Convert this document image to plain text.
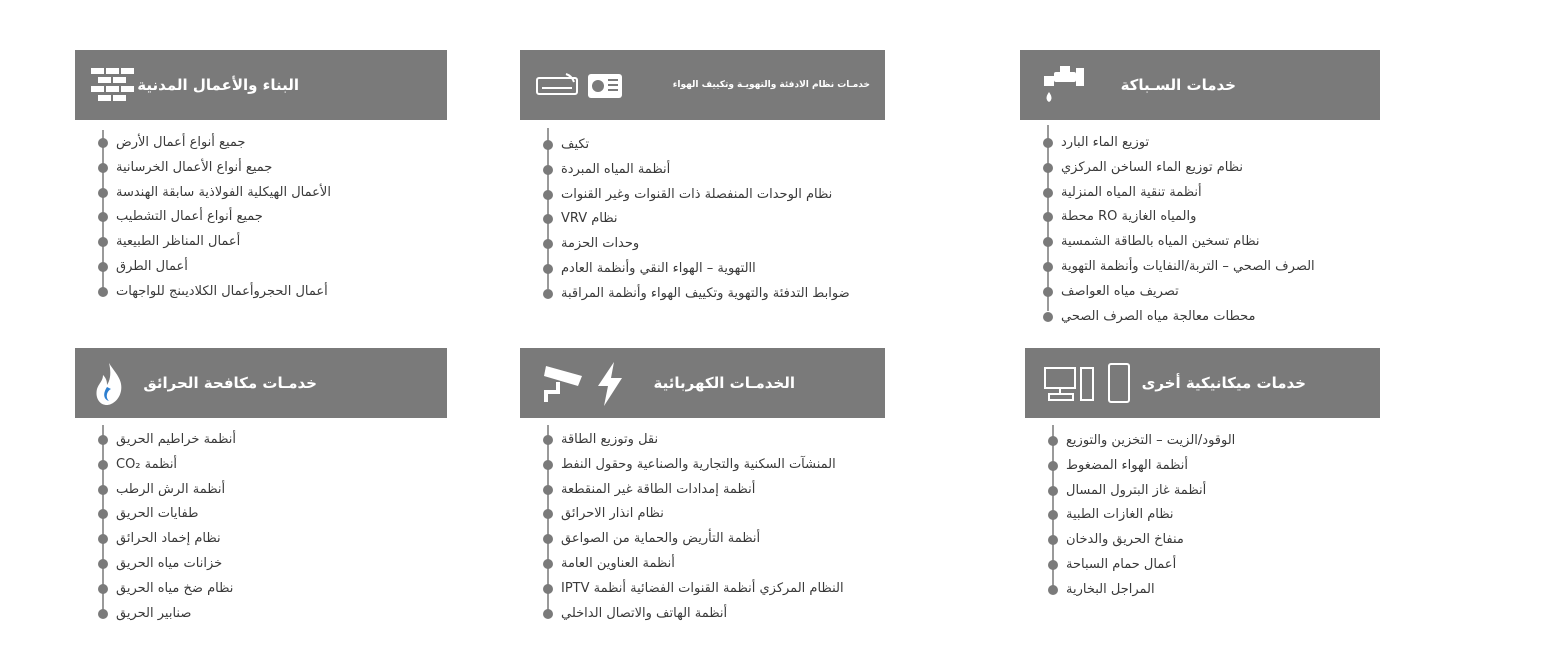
البناء والأعمال المدنية
جميع أنواع أعمال الأرض
جميع أنواع الأعمال الخرسانية
الأعمال الهيكلية الفولاذية سابقة الهندسة
جميع أنواع أعمال التشطيب
أعمال المناظر الطبيعية
أعمال الطرق
أعمال الحجروأعمال الكلاديىنج للواجهات
تكيف
أنظمة المياه المبردة
نظام الوحدات المنفصلة ذات القنوات وغير القنوات
نظام VRV
وحدات الحزمة
االتهوية – الهواء النقي وأنظمة العادم
ضوابط التدفئة والتهوية وتكييف الهواء وأنظمة المراقبة
توزيع الماء البارد
نظام توزيع الماء الساخن المركزي
أنظمة تنقية المياه المنزلية
والمياه الغازية RO محطة
نظام تسخين المياه بالطاقة الشمسية
الصرف الصحي – التربة/النفايات وأنظمة التهوية
تصريف مياه العواصف
محطات معالجة مياه الصرف الصحي
أنظمة خراطيم الحريق
أنظمة CO₂
أنظمة الرش الرطب
طفايات الحريق
نظام إخماد الحرائق
خزانات مياه الحريق
نظام ضخ مياه الحريق
صنابير الحريق
نقل وتوزيع الطاقة
المنشآت السكنية والتجارية والصناعية وحقول النفط
أنظمة إمدادات الطاقة غير المنقطعة
نظام انذار الاحرائق
أنظمة التأريض والحماية من الصواعق
أنظمة العناوين العامة
النظام المركزي أنظمة القنوات الفضائية أنظمة IPTV
أنظمة الهاتف والاتصال الداخلي
الوقود/الزيت – التخزين والتوزيع
أنظمة الهواء المضغوط
أنظمة غاز البترول المسال
نظام الغازات الطبية
منفاخ الحريق والدخان
أعمال حمام السباحة
المراجل البخارية
خدمـات نظام الادفئة والتهويـة وتكييف الهواء	خدمات السـباكة
خدمـات مكافحة الحرائق	الخدمـات الكهربائية	خدمات ميكانيكية أخرى
